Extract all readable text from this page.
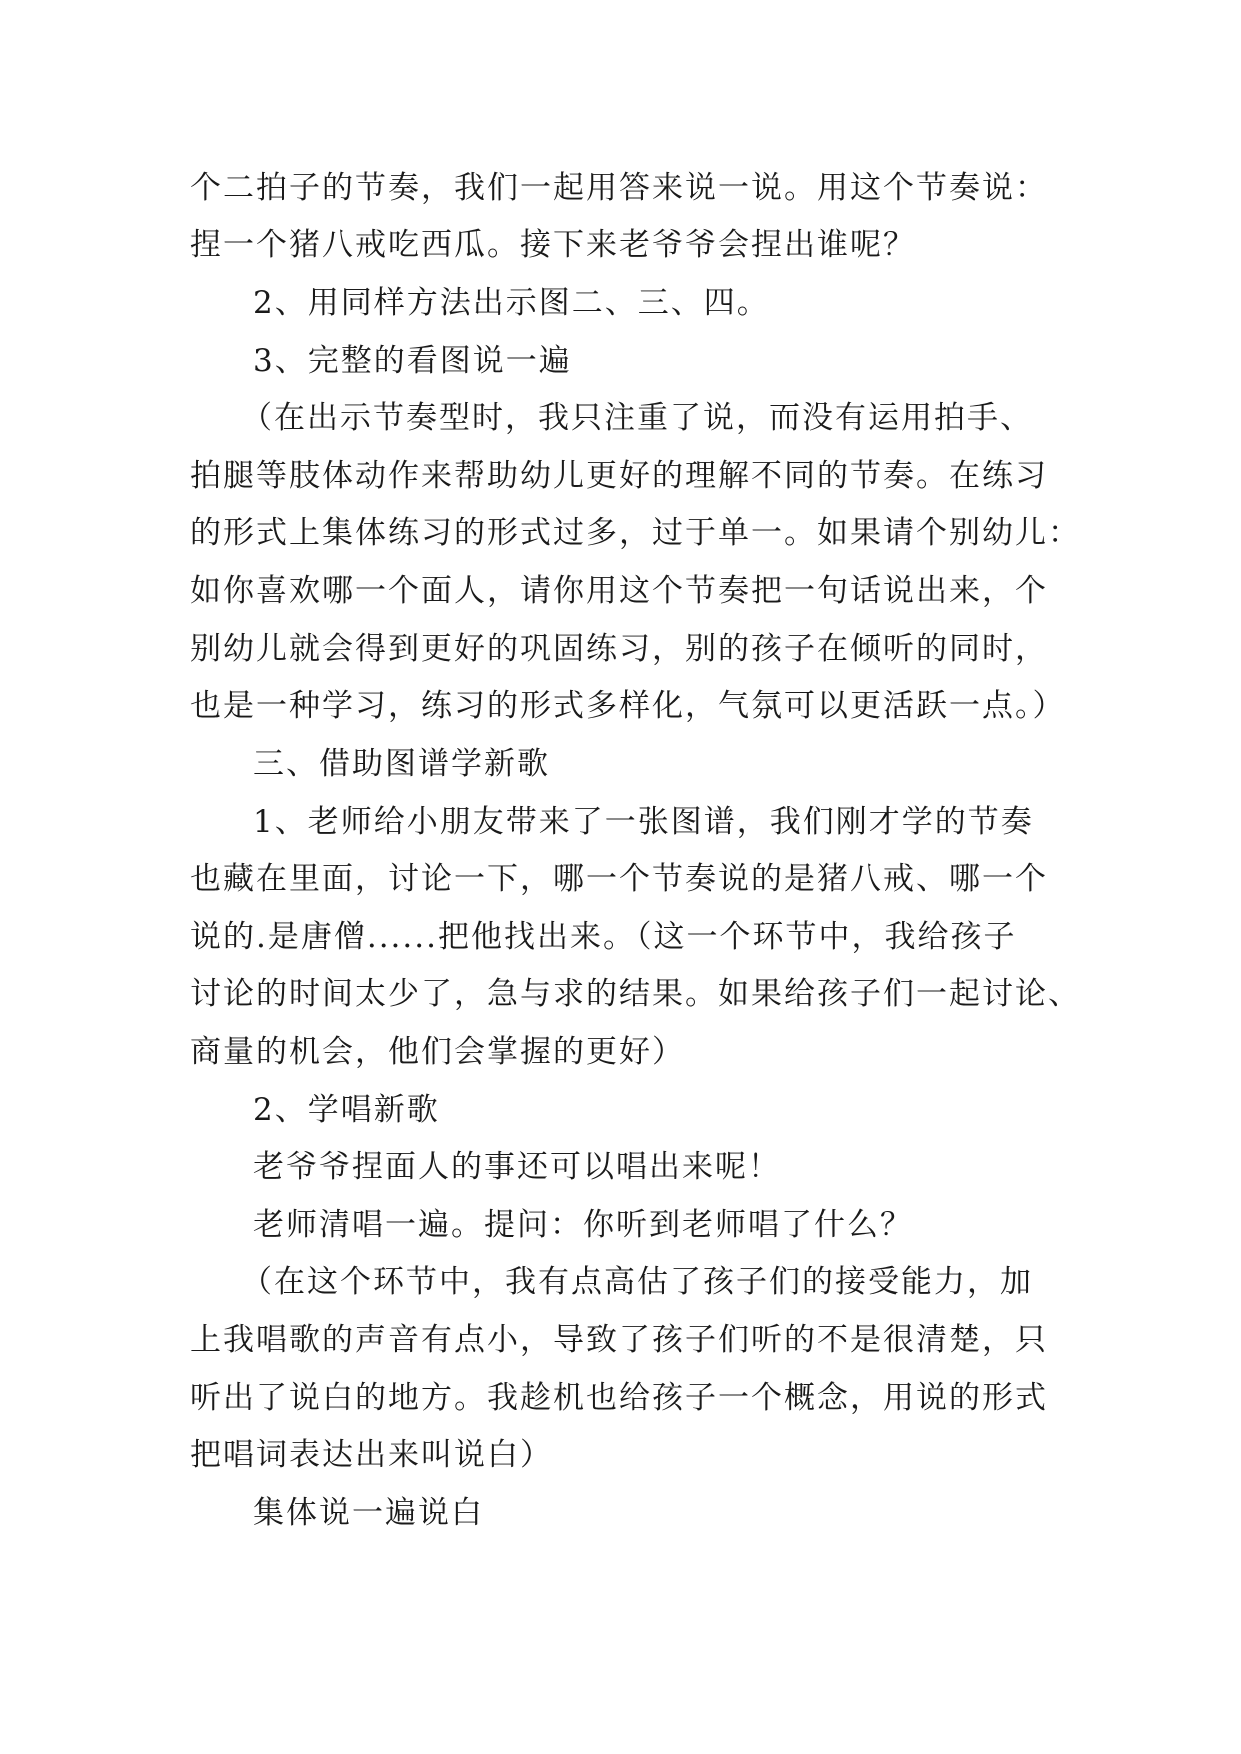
个二拍子的节奏，我们一起用答来说一说。用这个节奏说：
捏一个猪八戒吃西瓜。接下来老爷爷会捏出谁呢？
2、用同样方法出示图二、三、四。
3、完整的看图说一遍
（在出示节奏型时，我只注重了说，而没有运用拍手、
拍腿等肢体动作来帮助幼儿更好的理解不同的节奏。在练习
的形式上集体练习的形式过多，过于单一。如果请个别幼儿：
如你喜欢哪一个面人，请你用这个节奏把一句话说出来，个
别幼儿就会得到更好的巩固练习，别的孩子在倾听的同时，
也是一种学习，练习的形式多样化，气氛可以更活跃一点。）
三、借助图谱学新歌
1、老师给小朋友带来了一张图谱，我们刚才学的节奏
也藏在里面，讨论一下，哪一个节奏说的是猪八戒、哪一个
说的.是唐僧......把他找出来。（这一个环节中，我给孩子
讨论的时间太少了，急与求的结果。如果给孩子们一起讨论、
商量的机会，他们会掌握的更好）
2、学唱新歌
老爷爷捏面人的事还可以唱出来呢！
老师清唱一遍。提问：你听到老师唱了什么？
（在这个环节中，我有点高估了孩子们的接受能力，加
上我唱歌的声音有点小，导致了孩子们听的不是很清楚，只
听出了说白的地方。我趁机也给孩子一个概念，用说的形式
把唱词表达出来叫说白）
集体说一遍说白
